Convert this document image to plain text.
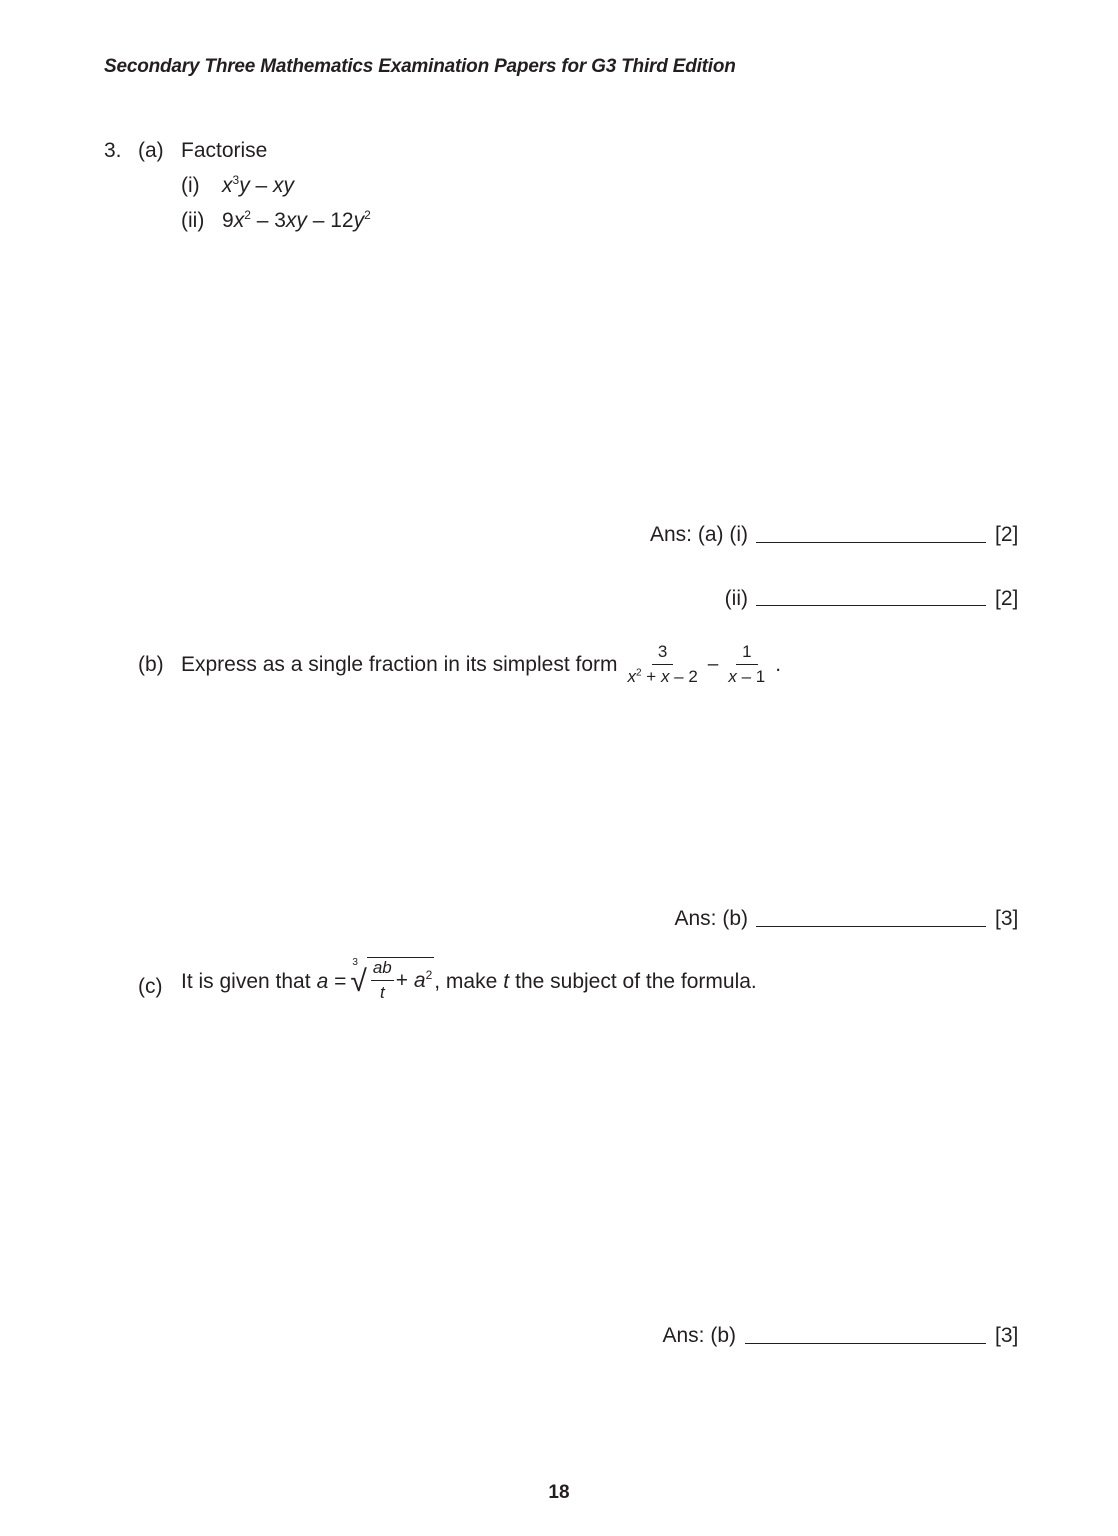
Secondary Three Mathematics Examination Papers for G3 Third Edition
3. (a) Factorise
(i) $x^3y$ – xy
(ii) $9x^2 - 3xy - 12y^2$
Ans: (a) (i)	[2]
(ii)	[2]
(b) Express as a single fraction in its simplest form $\frac{3}{x^2 + x - 2} - \frac{1}{x - 1}$ .
Ans: (b)	[3]
(c) It is given that a =
3
√ $\frac{ab}{t} + a^2$ , make t the subject of the formula.
Ans: (b)	[3]
18
